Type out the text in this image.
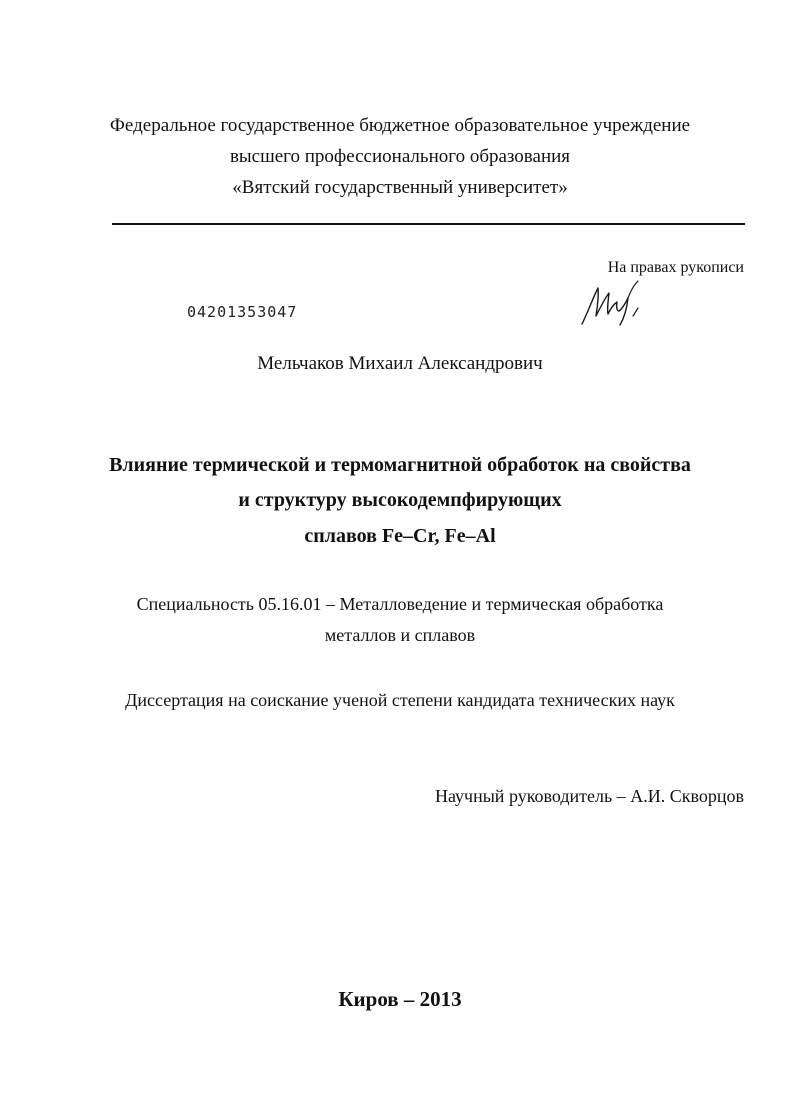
Федеральное государственное бюджетное образовательное учреждение
высшего профессионального образования
«Вятский государственный университет»
На правах рукописи
04201353047
Мельчаков Михаил Александрович
Влияние термической и термомагнитной обработок на свойства
и структуру высокодемпфирующих
сплавов Fe–Cr, Fe–Al
Специальность 05.16.01 – Металловедение и термическая обработка
металлов и сплавов
Диссертация на соискание ученой степени кандидата технических наук
Научный руководитель – А.И. Скворцов
Киров – 2013
